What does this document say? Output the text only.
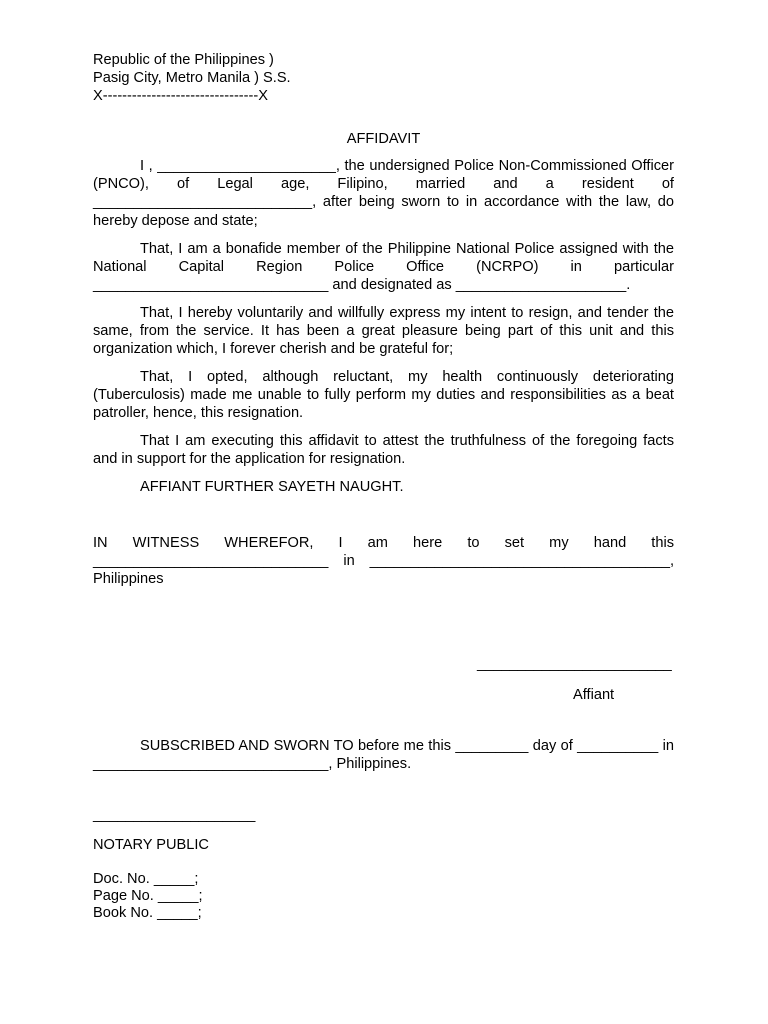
Republic of the Philippines )
Pasig City, Metro Manila ) S.S.
X--------------------------------X
AFFIDAVIT
I , ______________________, the undersigned Police Non-Commissioned Officer (PNCO), of Legal age, Filipino, married and a resident of ___________________________, after being sworn to in accordance with the law, do hereby depose and state;
That, I am a bonafide member of the Philippine National Police assigned with the National Capital Region Police Office (NCRPO) in particular _____________________________ and designated as _____________________.
That, I hereby voluntarily and willfully express my intent to resign, and tender the same, from the service. It has been a great pleasure being part of this unit and this organization which, I forever cherish and be grateful for;
That, I opted, although reluctant, my health continuously deteriorating (Tuberculosis) made me unable to fully perform my duties and responsibilities as a beat patroller, hence, this resignation.
That I am executing this affidavit to attest the truthfulness of the foregoing facts and in support for the application for resignation.
AFFIANT FURTHER SAYETH NAUGHT.
IN WITNESS WHEREFOR, I am here to set my hand this _____________________________ in _____________________________________, Philippines
________________________
Affiant
SUBSCRIBED AND SWORN TO before me this _________ day of __________ in _____________________________, Philippines.
____________________
NOTARY PUBLIC
Doc. No. _____;
Page No. _____;
Book No. _____;
